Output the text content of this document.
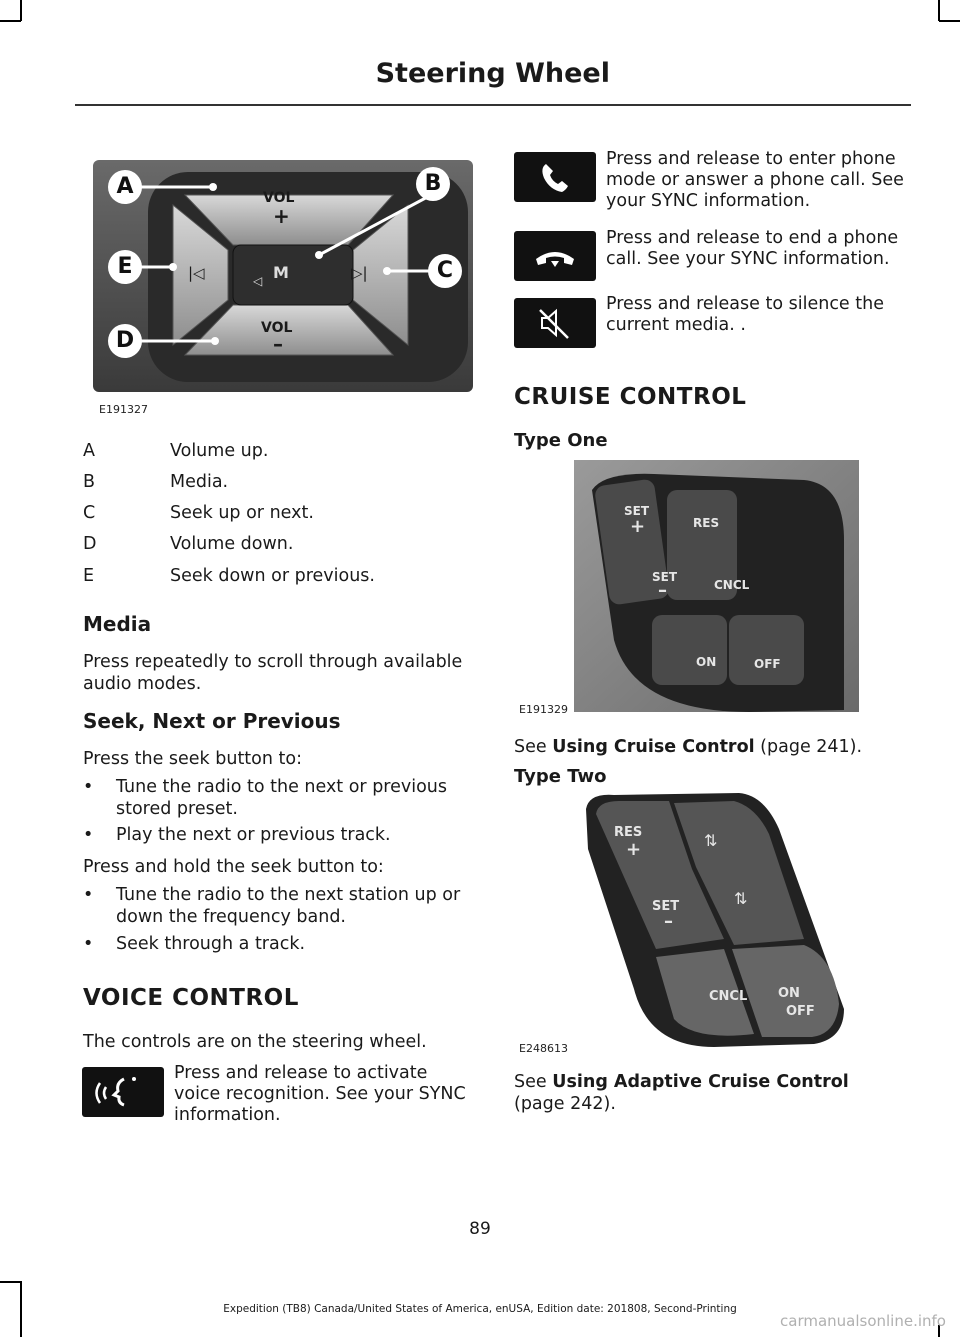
Steering Wheel
◁
VOL
+
M
VOL
–
|◁	▷|
A	B
C
D
E
E191327
A	Volume up.
B	Media.
C	Seek up or next.
D	Volume down.
E	Seek down or previous.
Media
Press repeatedly to scroll through available audio modes.
Seek, Next or Previous
Press the seek button to:
• Tune the radio to the next or previous stored preset.
• Play the next or previous track.
Press and hold the seek button to:
• Tune the radio to the next station up or down the frequency band.
• Seek through a track.
VOICE CONTROL
The controls are on the steering wheel.
Press and release to activate voice recognition. See your SYNC information.
Press and release to enter phone mode or answer a phone call. See your SYNC information.
Press and release to end a phone call. See your SYNC information.
Press and release to silence the current media. .
CRUISE CONTROL
Type One
SET
+	RES
SET
–	CNCL
ON	OFF
E191329
See Using Cruise Control (page 241).
Type Two
RES
+
SET
–
⇅
⇅
CNCL ON
OFF
E248613
See Using Adaptive Cruise Control
(page 242).
89
Expedition (TB8) Canada/United States of America, enUSA, Edition date: 201808, Second-Printing
carmanualsonline.info
